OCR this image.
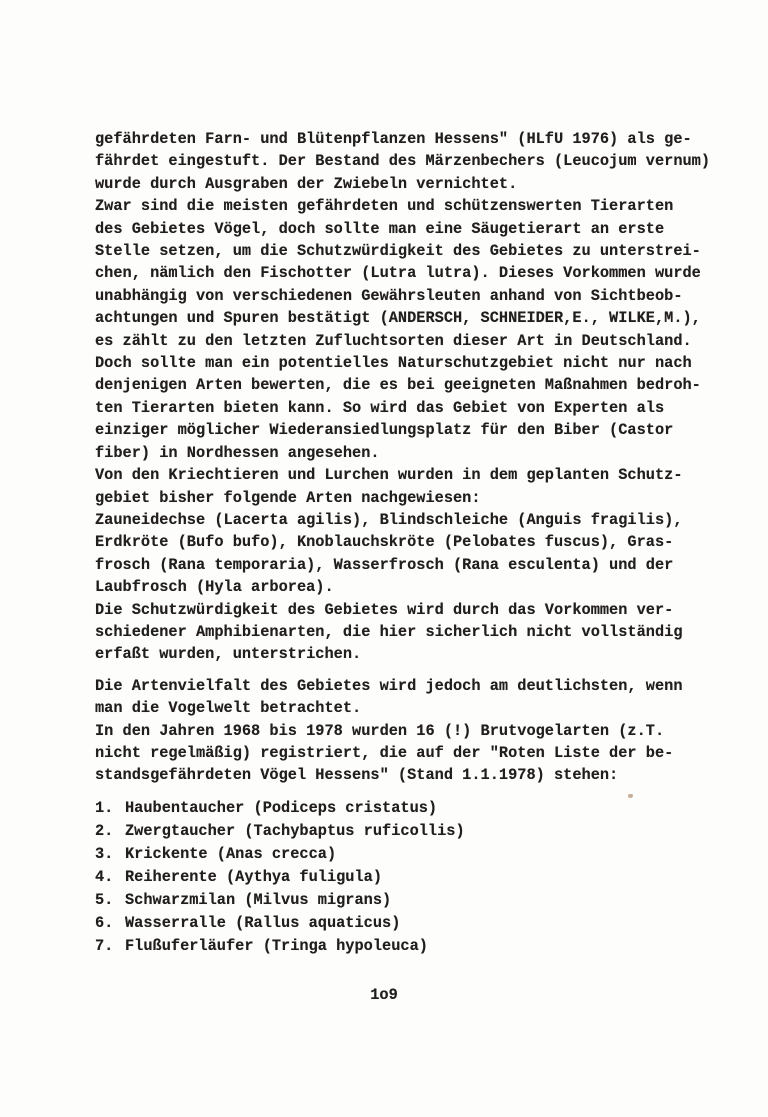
gefährdeten Farn- und Blütenpflanzen Hessens" (HLfU 1976) als ge-
fährdet eingestuft. Der Bestand des Märzenbechers (Leucojum vernum)
wurde durch Ausgraben der Zwiebeln vernichtet.
Zwar sind die meisten gefährdeten und schützenswerten Tierarten
des Gebietes Vögel, doch sollte man eine Säugetierart an erste
Stelle setzen, um die Schutzwürdigkeit des Gebietes zu unterstrei-
chen, nämlich den Fischotter (Lutra lutra). Dieses Vorkommen wurde
unabhängig von verschiedenen Gewährsleuten anhand von Sichtbeob-
achtungen und Spuren bestätigt (ANDERSCH, SCHNEIDER,E., WILKE,M.),
es zählt zu den letzten Zufluchtsorten dieser Art in Deutschland.
Doch sollte man ein potentielles Naturschutzgebiet nicht nur nach
denjenigen Arten bewerten, die es bei geeigneten Maßnahmen bedroh-
ten Tierarten bieten kann. So wird das Gebiet von Experten als
einziger möglicher Wiederansiedlungsplatz für den Biber (Castor
fiber) in Nordhessen angesehen.
Von den Kriechtieren und Lurchen wurden in dem geplanten Schutz-
gebiet bisher folgende Arten nachgewiesen:
Zauneidechse (Lacerta agilis), Blindschleiche (Anguis fragilis),
Erdkröte (Bufo bufo), Knoblauchskröte (Pelobates fuscus), Gras-
frosch (Rana temporaria), Wasserfrosch (Rana esculenta) und der
Laubfrosch (Hyla arborea).
Die Schutzwürdigkeit des Gebietes wird durch das Vorkommen ver-
schiedener Amphibienarten, die hier sicherlich nicht vollständig
erfaßt wurden, unterstrichen.
Die Artenvielfalt des Gebietes wird jedoch am deutlichsten, wenn
man die Vogelwelt betrachtet.
In den Jahren 1968 bis 1978 wurden 16 (!) Brutvogelarten (z.T.
nicht regelmäßig) registriert, die auf der "Roten Liste der be-
standsgefährdeten Vögel Hessens" (Stand 1.1.1978) stehen:
1. Haubentaucher (Podiceps cristatus)
2. Zwergtaucher (Tachybaptus ruficollis)
3. Krickente (Anas crecca)
4. Reiherente (Aythya fuligula)
5. Schwarzmilan (Milvus migrans)
6. Wasserralle (Rallus aquaticus)
7. Flußuferläufer (Tringa hypoleuca)
1o9
